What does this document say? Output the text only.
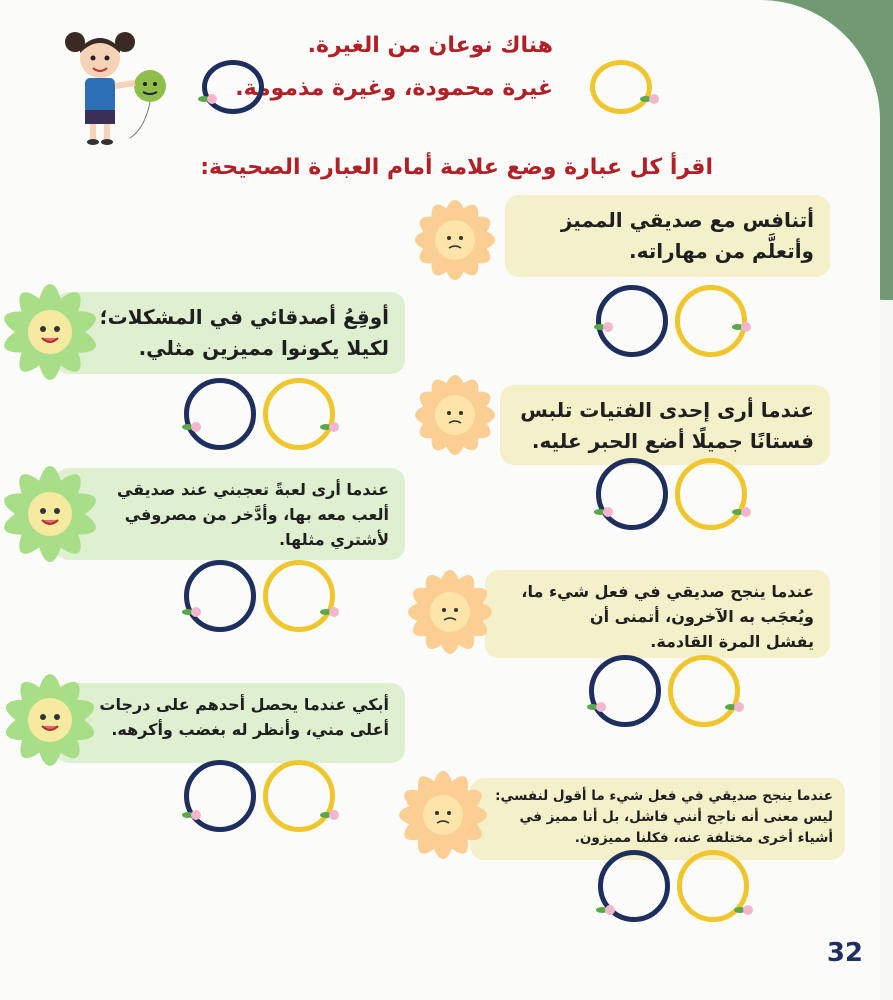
هناك نوعان من الغيرة.
غيرة محمودة، وغيرة مذمومة.
اقرأ كل عبارة وضع علامة أمام العبارة الصحيحة:
أتنافس مع صديقي المميز
وأتعلَّم من مهاراته.
أوقِعُ أصدقائي في المشكلات؛
لكيلا يكونوا مميزين مثلي.
عندما أرى إحدى الفتيات تلبس
فستانًا جميلًا أضع الحبر عليه.
عندما أرى لعبةً تعجبني عند صديقي
ألعب معه بها، وأدَّخر من مصروفي
لأشتري مثلها.
عندما ينجح صديقي في فعل شيء ما،
ويُعجَب به الآخرون، أتمنى أن
يفشل المرة القادمة.
أبكي عندما يحصل أحدهم على درجات
أعلى مني، وأنظر له بغضب وأكرهه.
عندما ينجح صديقي في فعل شيء ما أقول لنفسي:
ليس معنى أنه ناجح أنني فاشل، بل أنا مميز في
أشياء أخرى مختلفة عنه، فكلنا مميزون.
32
